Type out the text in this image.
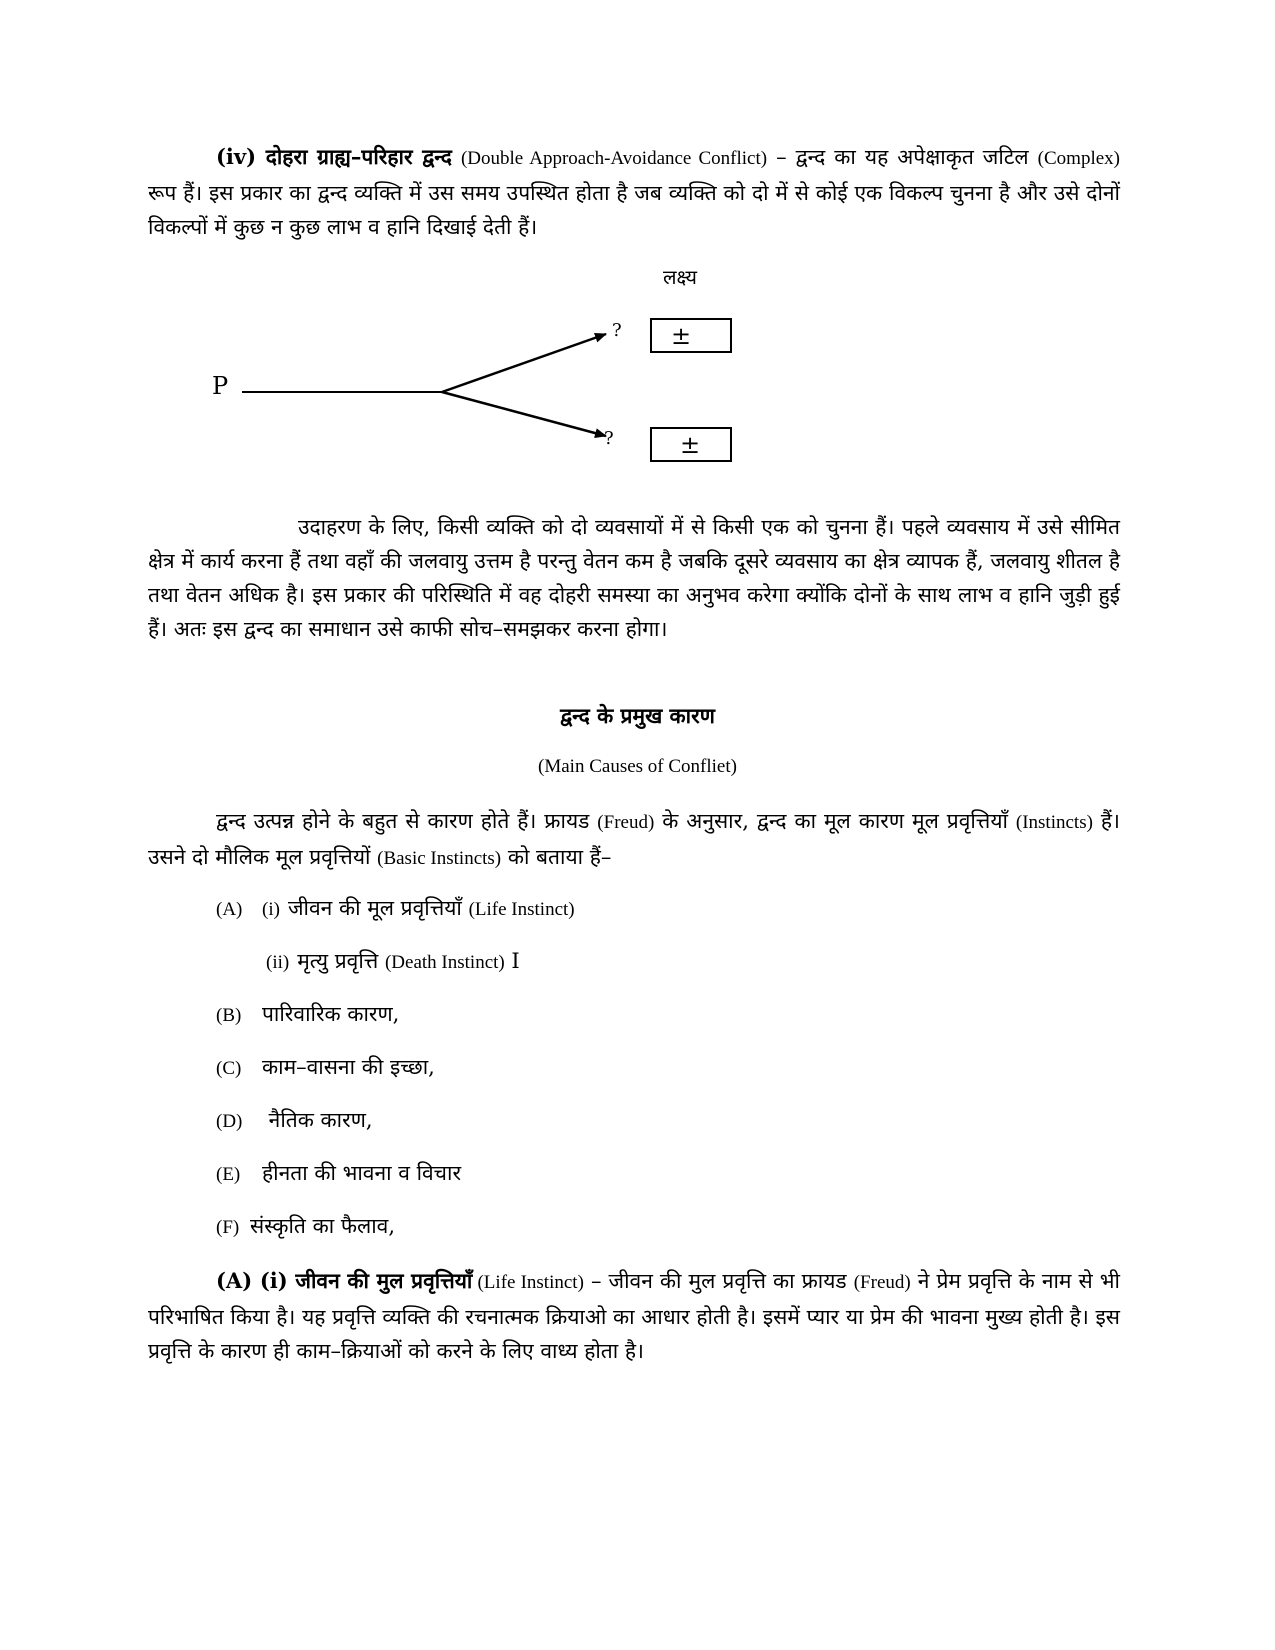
(iv) दोहरा ग्राह्य–परिहार द्वन्द (Double Approach-Avoidance Conflict) – द्वन्द का यह अपेक्षाकृत जटिल (Complex) रूप हैं। इस प्रकार का द्वन्द व्यक्ति में उस समय उपस्थित होता है जब व्यक्ति को दो में से कोई एक विकल्प चुनना है और उसे दोनों विकल्पों में कुछ न कुछ लाभ व हानि दिखाई देती हैं।

लक्ष्य
P
?
?
±
±

उदाहरण के लिए, किसी व्यक्ति को दो व्यवसायों में से किसी एक को चुनना हैं। पहले व्यवसाय में उसे सीमित क्षेत्र में कार्य करना हैं तथा वहाँ की जलवायु उत्तम है परन्तु वेतन कम है जबकि दूसरे व्यवसाय का क्षेत्र व्यापक हैं, जलवायु शीतल है तथा वेतन अधिक है। इस प्रकार की परिस्थिति में वह दोहरी समस्या का अनुभव करेगा क्योंकि दोनों के साथ लाभ व हानि जुड़ी हुई हैं। अतः इस द्वन्द का समाधान उसे काफी सोच–समझकर करना होगा।

द्वन्द के प्रमुख कारण

(Main Causes of Confliet)

द्वन्द उत्पन्न होने के बहुत से कारण होते हैं। फ्रायड (Freud) के अनुसार, द्वन्द का मूल कारण मूल प्रवृत्तियाँ (Instincts) हैं। उसने दो मौलिक मूल प्रवृत्तियों (Basic Instincts) को बताया हैं–

(A) (i) जीवन की मूल प्रवृत्तियाँ (Life Instinct)
(ii) मृत्यु प्रवृत्ति (Death Instinct) I
(B) पारिवारिक कारण,
(C) काम–वासना की इच्छा,
(D) नैतिक कारण,
(E) हीनता की भावना व विचार
(F) संस्कृति का फैलाव,

(A) (i) जीवन की मुल प्रवृत्तियाँ (Life Instinct) – जीवन की मुल प्रवृत्ति का फ्रायड (Freud) ने प्रेम प्रवृत्ति के नाम से भी परिभाषित किया है। यह प्रवृत्ति व्यक्ति की रचनात्मक क्रियाओ का आधार होती है। इसमें प्यार या प्रेम की भावना मुख्य होती है। इस प्रवृत्ति के कारण ही काम–क्रियाओं को करने के लिए वाध्य होता है।
